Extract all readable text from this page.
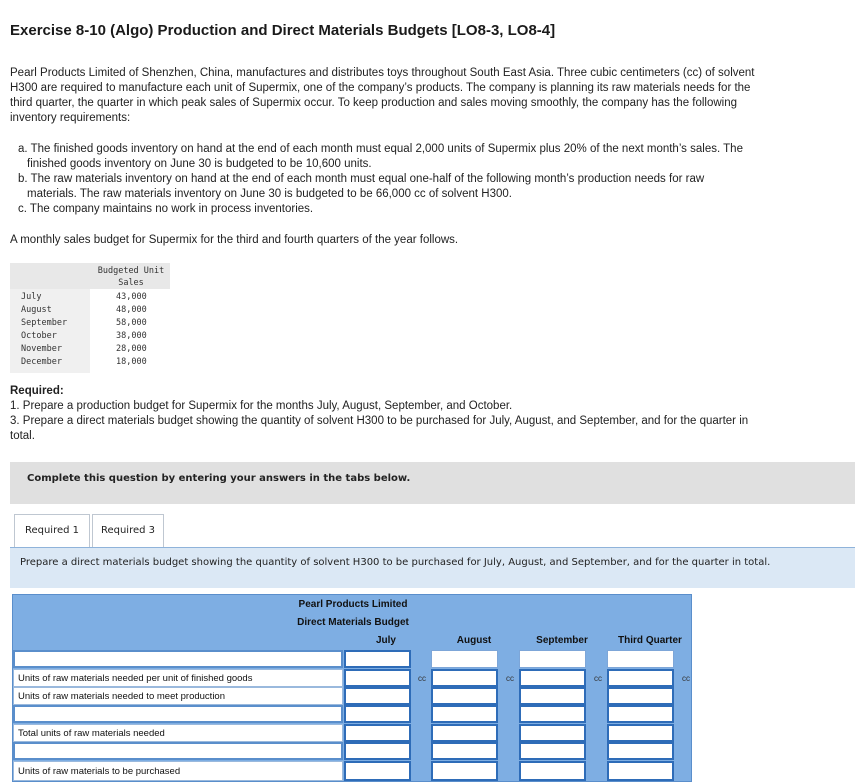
Exercise 8-10 (Algo) Production and Direct Materials Budgets [LO8-3, LO8-4]
Pearl Products Limited of Shenzhen, China, manufactures and distributes toys throughout South East Asia. Three cubic centimeters (cc) of solvent H300 are required to manufacture each unit of Supermix, one of the company’s products. The company is planning its raw materials needs for the third quarter, the quarter in which peak sales of Supermix occur. To keep production and sales moving smoothly, the company has the following inventory requirements:
a. The finished goods inventory on hand at the end of each month must equal 2,000 units of Supermix plus 20% of the next month’s sales. The finished goods inventory on June 30 is budgeted to be 10,600 units.
b. The raw materials inventory on hand at the end of each month must equal one-half of the following month’s production needs for raw materials. The raw materials inventory on June 30 is budgeted to be 66,000 cc of solvent H300.
c. The company maintains no work in process inventories.
A monthly sales budget for Supermix for the third and fourth quarters of the year follows.
Budgeted Unit
Sales
July	43,000
August	48,000
September	58,000
October	38,000
November	28,000
December	18,000
Required:
1. Prepare a production budget for Supermix for the months July, August, September, and October.
3. Prepare a direct materials budget showing the quantity of solvent H300 to be purchased for July, August, and September, and for the quarter in total.
Complete this question by entering your answers in the tabs below.
Required 1	Required 3
Prepare a direct materials budget showing the quantity of solvent H300 to be purchased for July, August, and September, and for the quarter in total.
Pearl Products Limited
Direct Materials Budget
July	August	September	Third Quarter
Units of raw materials needed per unit of finished goods	cc	cc	cc	cc
Units of raw materials needed to meet production
Total units of raw materials needed
Units of raw materials to be purchased
